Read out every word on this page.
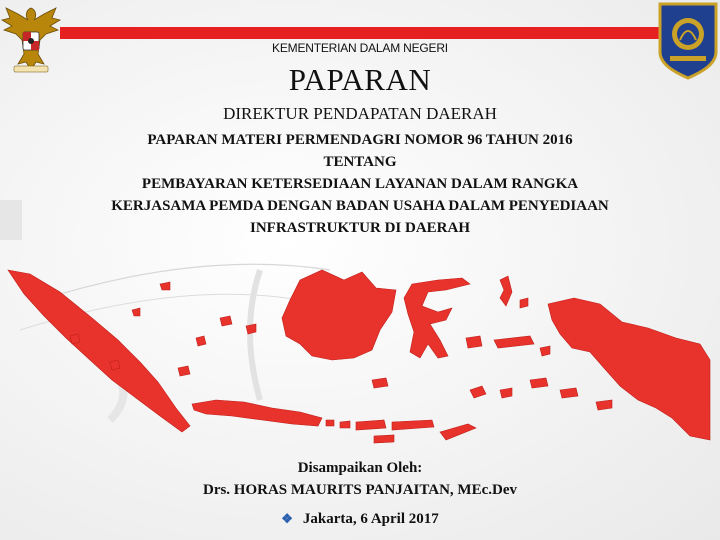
KEMENTERIAN DALAM NEGERI
PAPARAN
DIREKTUR PENDAPATAN DAERAH
PAPARAN MATERI PERMENDAGRI NOMOR 96 TAHUN 2016
TENTANG
PEMBAYARAN KETERSEDIAAN LAYANAN DALAM RANGKA
KERJASAMA PEMDA DENGAN BADAN USAHA DALAM PENYEDIAAN
INFRASTRUKTUR DI DAERAH
Disampaikan Oleh:
Drs. HORAS MAURITS PANJAITAN, MEc.Dev
❖ Jakarta, 6 April 2017
